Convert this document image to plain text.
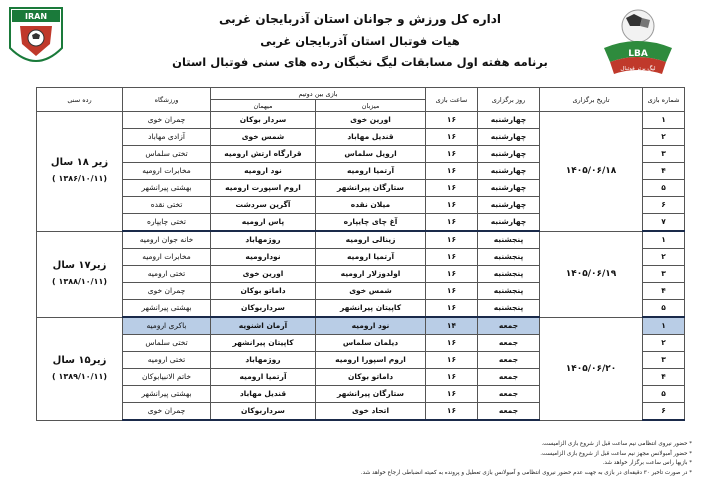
LBA
لیگ برتر فوتبال
اداره کل ورزش و جوانان استان آذربایجان غربی
هیات فوتبال استان آذربایجان غربی
برنامه هفته اول مسابقات لیگ نخبگان رده های سنی فوتبال استان
IRAN
شماره بازی	تاریخ برگزاری	روز برگزاری	ساعت بازی	بازی بین دوتیم		ورزشگاه	رده سنی
				میزبان	میهمان		
۱	۱۴۰۵/۰۶/۱۸	چهارشنبه	۱۶	اورین خوی	سردار بوکان	چمران خوی	زیر ۱۸ سال
(۱۳۸۶/۱۰/۱۱ )

۲		چهارشنبه	۱۶	قندیل مهاباد	شمس خوی	آزادی مهاباد	
۳		چهارشنبه	۱۶	ارویل سلماس	قرارگاه ارتش ارومیه	تختی سلماس	
۴		چهارشنبه	۱۶	آرتمیا ارومیه	نود ارومیه	مخابرات ارومیه	
۵		چهارشنبه	۱۶	ستارگان پیرانشهر	اروم اسپورت ارومیه	بهشتی پیرانشهر	
۶		چهارشنبه	۱۶	میلان نقده	آگرین سردشت	تختی نقده	
۷		چهارشنبه	۱۶	آغ چای چایپاره	پاس ارومیه	تختی چایپاره	
۱	۱۴۰۵/۰۶/۱۹	پنجشنبه	۱۶	زینالی ارومیه	روژمهاباد	خانه جوان ارومیه	زیر۱۷ سال
(۱۳۸۸/۱۰/۱۱ )

۲		پنجشنبه	۱۶	آرتمیا ارومیه	نودارومیه	مخابرات ارومیه	
۳		پنجشنبه	۱۶	اولدوزلار ارومیه	اورین خوی	تختی ارومیه	
۴		پنجشنبه	۱۶	شمس خوی	داماتو بوکان	چمران خوی	
۵		پنجشنبه	۱۶	کاپیتان پیرانشهر	سرداربوکان	بهشتی پیرانشهر	
۱	۱۴۰۵/۰۶/۲۰	جمعه	۱۴	نود ارومیه	آرمان اشنویه	باکری ارومیه	زیر۱۵ سال
(۱۳۸۹/۱۰/۱۱ )

۲		جمعه	۱۶	دیلمان سلماس	کاپیتان پیرانشهر	تختی سلماس	
۳		جمعه	۱۶	اروم اسپورا ارومیه	روژمهاباد	تختی ارومیه	
۴		جمعه	۱۶	داماتو بوکان	آرتمیا ارومیه	خاتم الانبیابوکان	
۵		جمعه	۱۶	ستارگان پیرانشهر	قندیل مهاباد	بهشتی پیرانشهر	
۶		جمعه	۱۶	اتحاد خوی	سرداربوکان	چمران خوی	
* حضور نیروی انتظامی نیم ساعت قبل از شروع بازی الزامیست.
* حضور آمبولانس مجهز نیم ساعت قبل از شروع بازی الزامیست.
* بازیها راس ساعت برگزار خواهد شد.
* در صورت تاخیر ۳۰ دقیقه‌ای در بازی به جهت عدم حضور نیروی انتظامی و آمبولانس بازی تعطیل و پرونده به کمیته انضباطی ارجاع خواهد شد.
